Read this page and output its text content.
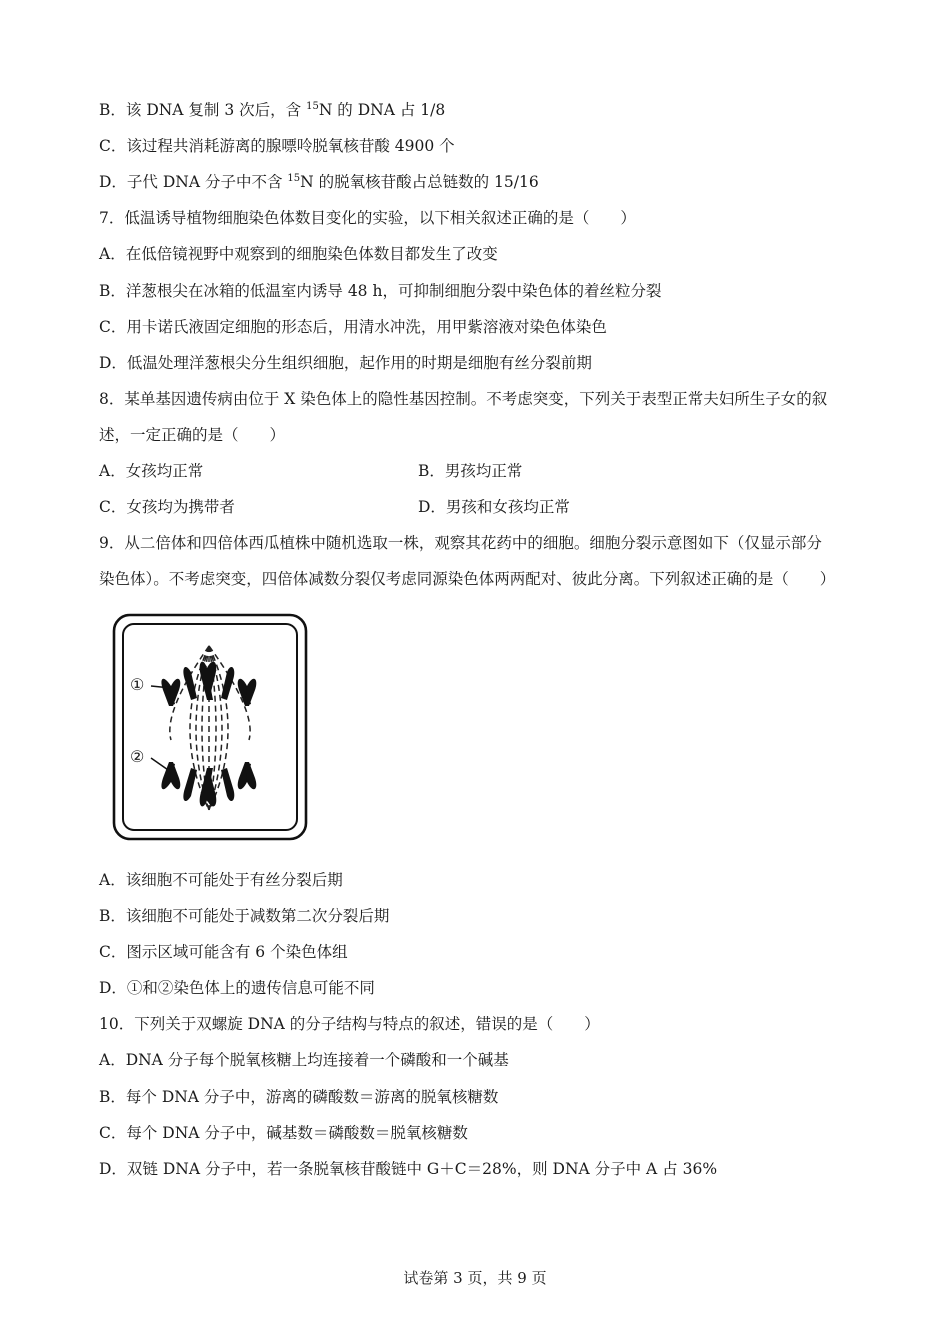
B．该 DNA 复制 3 次后，含 $^{15}$N 的 DNA 占 1/8
C．该过程共消耗游离的腺嘌呤脱氧核苷酸 4900 个
D．子代 DNA 分子中不含 $^{15}$N 的脱氧核苷酸占总链数的 15/16
7．低温诱导植物细胞染色体数目变化的实验，以下相关叙述正确的是（　　）
A．在低倍镜视野中观察到的细胞染色体数目都发生了改变
B．洋葱根尖在冰箱的低温室内诱导 48 h，可抑制细胞分裂中染色体的着丝粒分裂
C．用卡诺氏液固定细胞的形态后，用清水冲洗，用甲紫溶液对染色体染色
D．低温处理洋葱根尖分生组织细胞，起作用的时期是细胞有丝分裂前期
8．某单基因遗传病由位于 X 染色体上的隐性基因控制。不考虑突变，下列关于表型正常夫妇所生子女的叙
述，一定正确的是（　　）
A．女孩均正常	B．男孩均正常
C．女孩均为携带者	D．男孩和女孩均正常
9．从二倍体和四倍体西瓜植株中随机选取一株，观察其花药中的细胞。细胞分裂示意图如下（仅显示部分
染色体）。不考虑突变，四倍体减数分裂仅考虑同源染色体两两配对、彼此分离。下列叙述正确的是（　　）
①
②
A．该细胞不可能处于有丝分裂后期
B．该细胞不可能处于减数第二次分裂后期
C．图示区域可能含有 6 个染色体组
D．①和②染色体上的遗传信息可能不同
10．下列关于双螺旋 DNA 的分子结构与特点的叙述，错误的是（　　）
A．DNA 分子每个脱氧核糖上均连接着一个磷酸和一个碱基
B．每个 DNA 分子中，游离的磷酸数＝游离的脱氧核糖数
C．每个 DNA 分子中，碱基数＝磷酸数＝脱氧核糖数
D．双链 DNA 分子中，若一条脱氧核苷酸链中 G＋C＝28%，则 DNA 分子中 A 占 36%
试卷第 3 页，共 9 页
